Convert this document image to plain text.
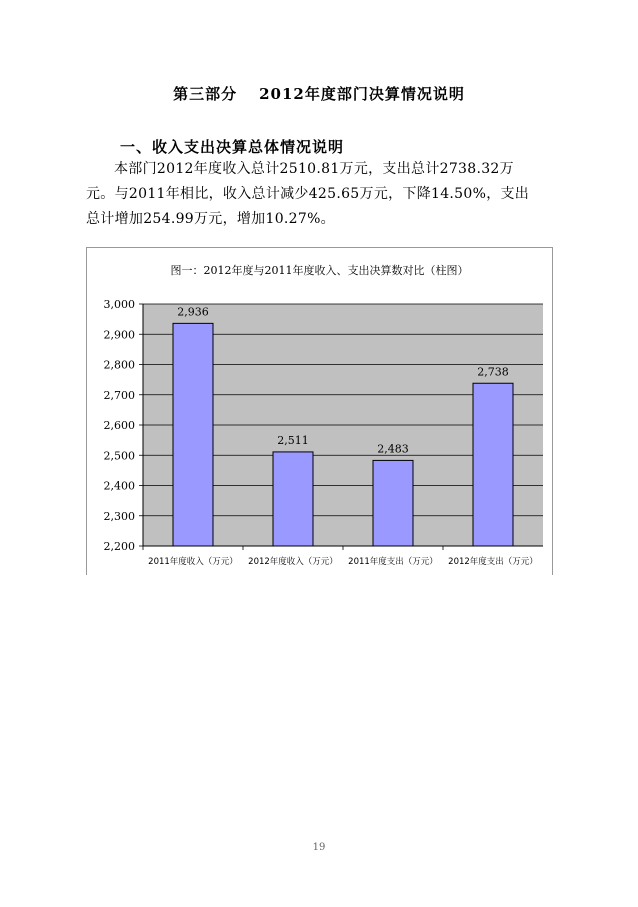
第三部分 2012年度部门决算情况说明
一、收入支出决算总体情况说明
本部门2012年度收入总计2510.81万元，支出总计2738.32万
元。与2011年相比，收入总计减少425.65万元，下降14.50%，支出
总计增加254.99万元，增加10.27%。
图一：2012年度与2011年度收入、支出决算数对比（柱图）
2,200
2,300
2,400
2,500
2,600
2,700
2,800
2,900
3,000
2,936
2011年度收入（万元）
2,511
2012年度收入（万元）
2,483
2011年度支出（万元）
2,738
2012年度支出（万元）
19
